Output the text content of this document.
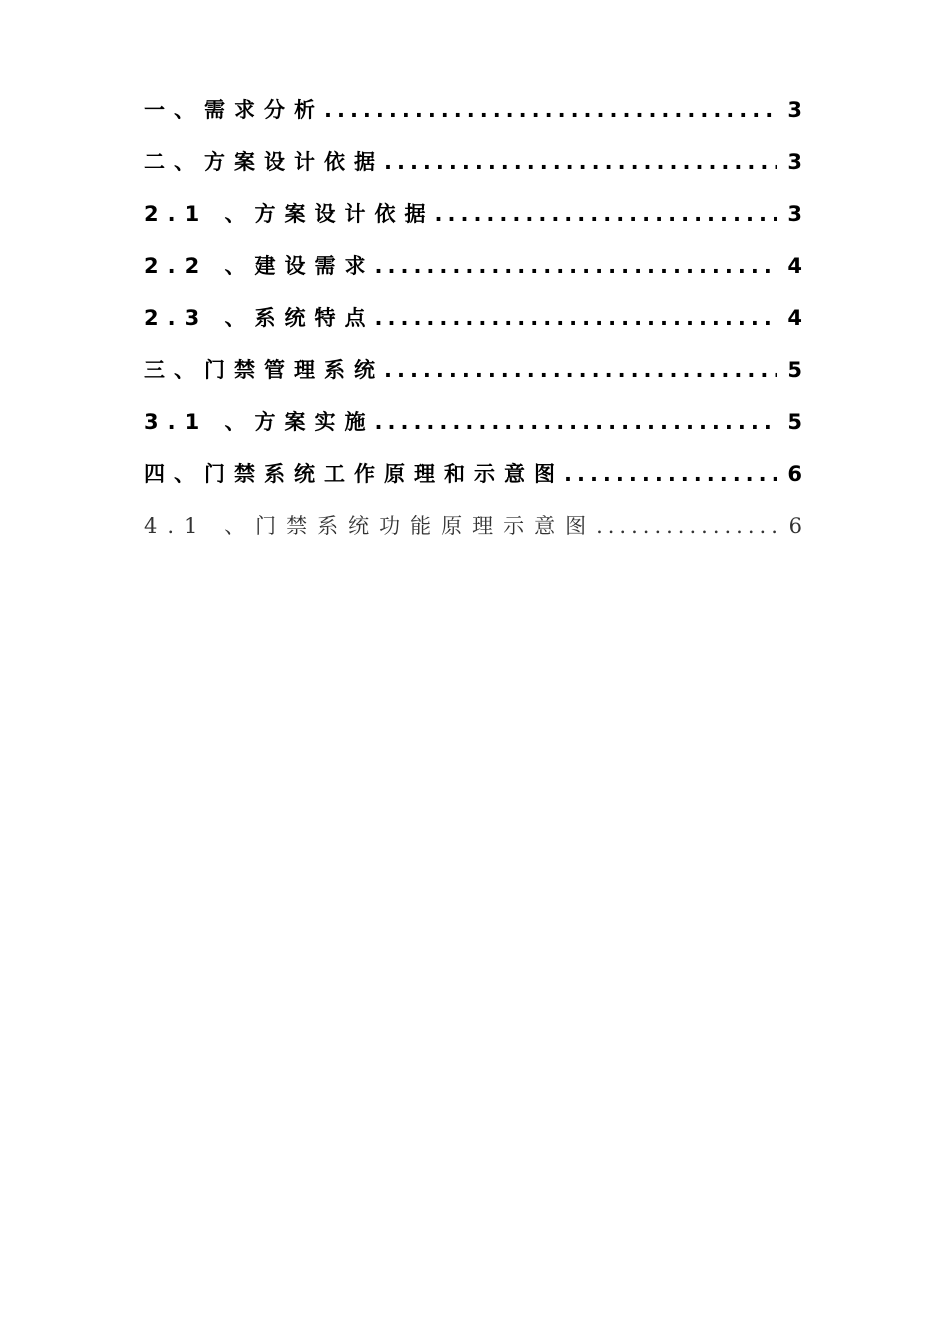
一、需求分析 .....	3
二、方案设计依据 .....	3
2.1 、方案设计依据 .....	3
2.2 、建设需求 .....	4
2.3 、系统特点 .....	4
三、门禁管理系统 .....	5
3.1 、方案实施 .....	5
四、门禁系统工作原理和示意图 .....	6
4.1 、门禁系统功能原理示意图 .....	6
